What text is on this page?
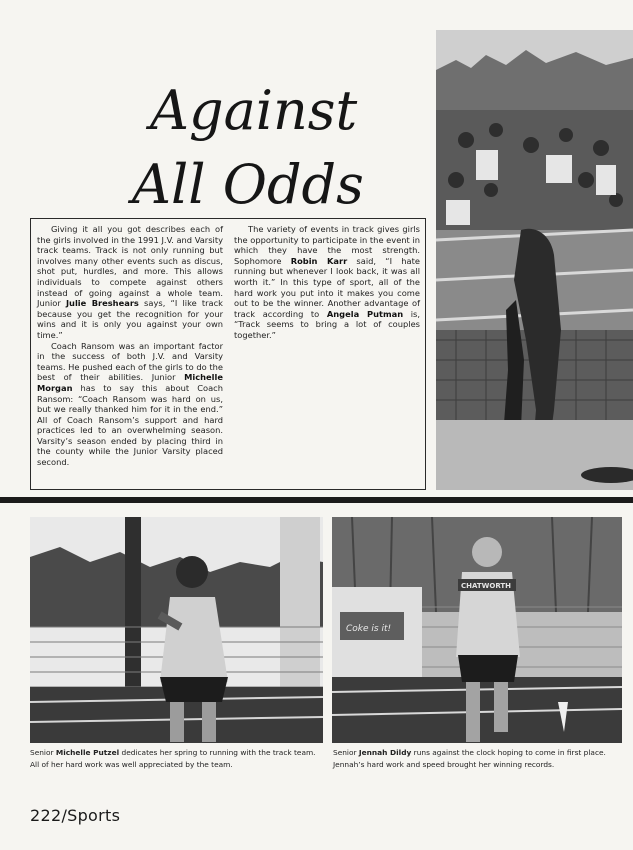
Against
All Odds

Giving it all you got describes each of the girls involved in the 1991 J.V. and Varsity track teams. Track is not only running but involves many other events such as discus, shot put, hurdles, and more. This allows individuals to compete against others instead of going against a whole team. Junior Julie Breshears says, “I like track because you get the recognition for your wins and it is only you against your own time.”

Coach Ransom was an important factor in the success of both J.V. and Varsity teams. He pushed each of the girls to do the best of their abilities. Junior Michelle Morgan has to say this about Coach Ransom: “Coach Ransom was hard on us, but we really thanked him for it in the end.” All of Coach Ransom’s support and hard practices led to an overwhelming season. Varsity’s season ended by placing third in the county while the Junior Varsity placed second.

The variety of events in track gives girls the opportunity to participate in the event in which they have the most strength. Sophomore Robin Karr said, “I hate running but whenever I look back, it was all worth it.” In this type of sport, all of the hard work you put into it makes you come out to be the winner. Another advantage of track according to Angela Putman is, “Track seems to bring a lot of couples together.”

Coke is it!
CHATWORTH
Senior Michelle Putzel dedicates her spring to running with the track team. All of her hard work was well appreciated by the team.
Senior Jennah Dildy runs against the clock hoping to come in first place. Jennah’s hard work and speed brought her winning records.
222/Sports
